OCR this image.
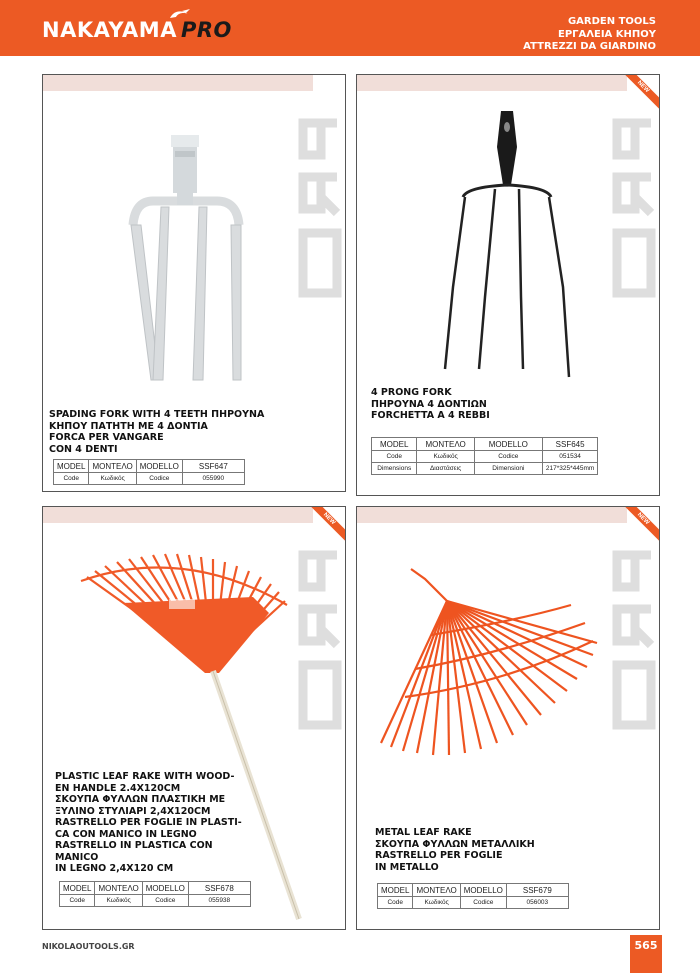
NAKAYAMA PRO	GARDEN TOOLS
ΕΡΓΑΛΕΙΑ ΚΗΠΟΥ
ATTREZZI DA GIARDINO
SPADING FORK WITH 4 TEETH ΠΗΡΟΥΝΑ
ΚΗΠΟΥ ΠΑΤΗΤΗ ΜΕ 4 ΔΟΝΤΙΑ
FORCA PER VANGARE
CON 4 DENTI
MODEL	ΜΟΝΤΕΛΟ	MODELLO	SSF647
Code	Κωδικός	Codice	055990
NEW
4 PRONG FORK
ΠΗΡΟΥΝΑ 4 ΔΟΝΤΙΩΝ
FORCHETTA A 4 REBBI
MODEL	ΜΟΝΤΕΛΟ	MODELLO	SSF645
Code	Κωδικός	Codice	051534
Dimensions	Διαστάσεις	Dimensioni	217*325*445mm
NEW
PLASTIC LEAF RAKE WITH WOOD-
EN HANDLE 2.4X120CM
ΣΚΟΥΠΑ ΦΥΛΛΩΝ ΠΛΑΣΤΙΚΗ ΜΕ
ΞΥΛΙΝΟ ΣΤΥΛΙΑΡΙ 2,4Χ120CM
RASTRELLO PER FOGLIE IN PLASTI-
CA CON MANICO IN LEGNO
RASTRELLO IN PLASTICA CON
MANICO
IN LEGNO 2,4X120 CM
MODEL	ΜΟΝΤΕΛΟ	MODELLO	SSF678
Code	Κωδικός	Codice	055938
NEW
METAL LEAF RAKE
ΣΚΟΥΠΑ ΦΥΛΛΩΝ ΜΕΤΑΛΛΙΚΗ
RASTRELLO PER FOGLIE
IN METALLO
MODEL	ΜΟΝΤΕΛΟ	MODELLO	SSF679
Code	Κωδικός	Codice	056003
NIKOLAOUTOOLS.GR	565
